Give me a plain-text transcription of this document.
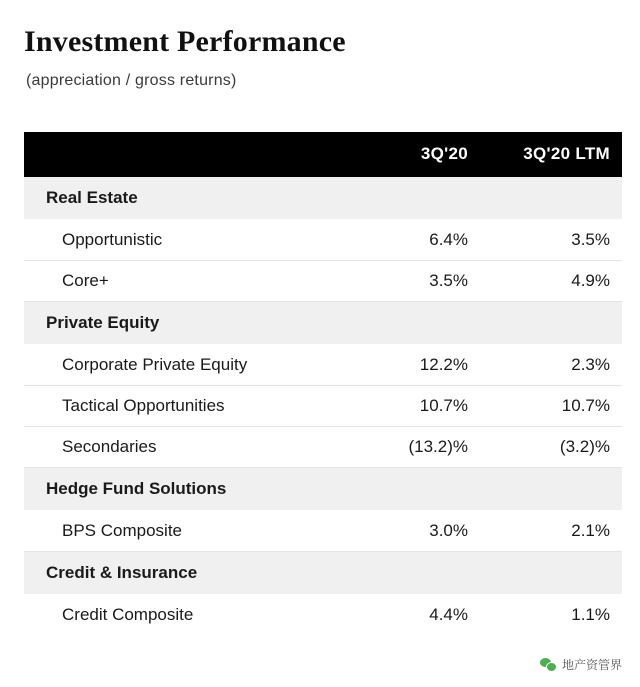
Investment Performance
(appreciation / gross returns)
	3Q'20	3Q'20 LTM
Real Estate		
Opportunistic	6.4%	3.5%
Core+	3.5%	4.9%
Private Equity		
Corporate Private Equity	12.2%	2.3%
Tactical Opportunities	10.7%	10.7%
Secondaries	(13.2)%	(3.2)%
Hedge Fund Solutions		
BPS Composite	3.0%	2.1%
Credit & Insurance		
Credit Composite	4.4%	1.1%
地产资管界
